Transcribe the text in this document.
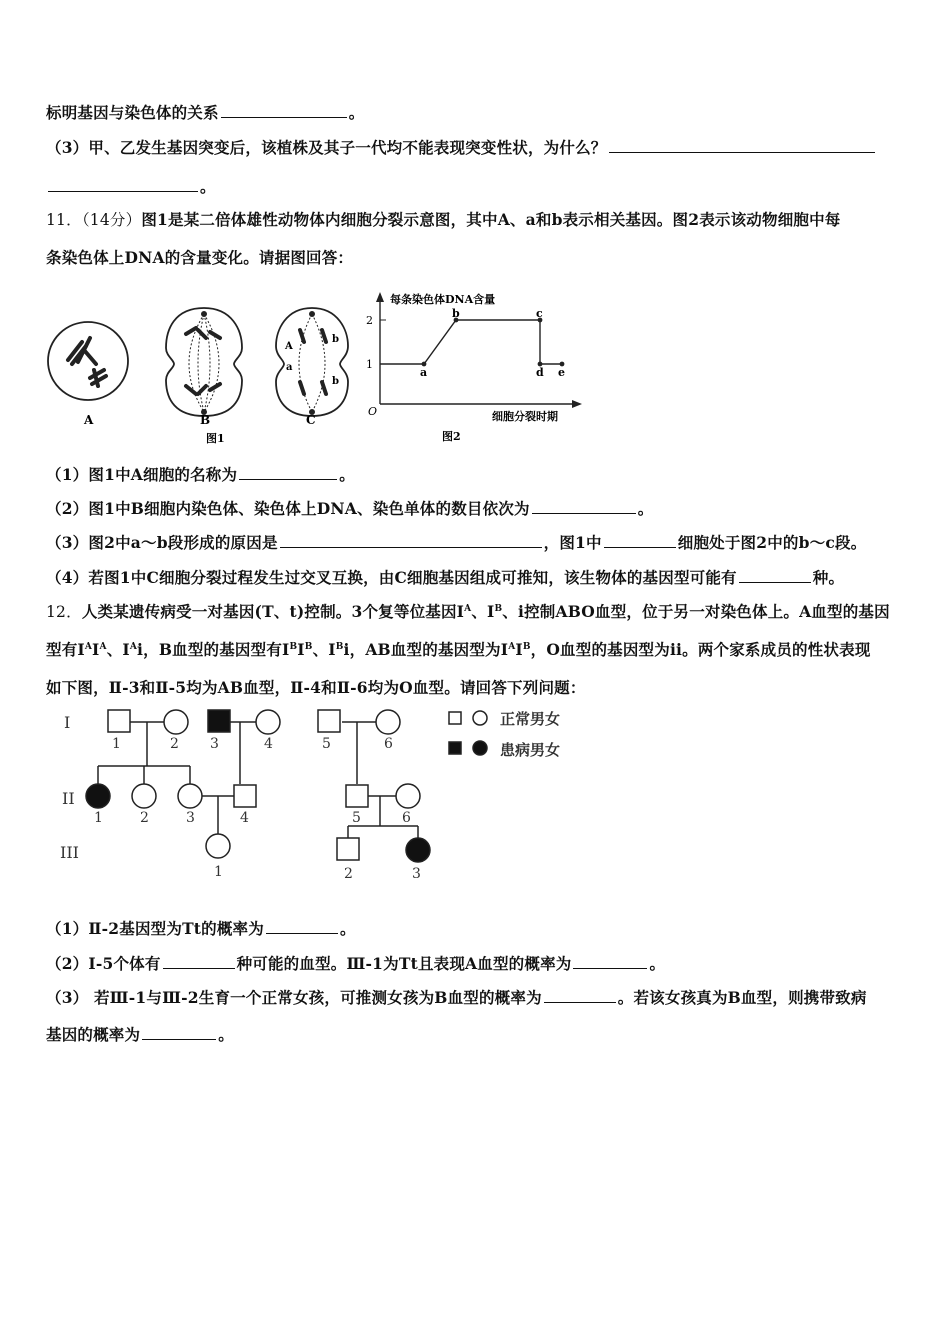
标明基因与染色体的关系	。
（3）甲、乙发生基因突变后，该植株及其子一代均不能表现突变性状，为什么？
。
11．（14分）图1是某二倍体雄性动物体内细胞分裂示意图，其中A、a和b表示相关基因。图2表示该动物细胞中每
条染色体上DNA的含量变化。请据图回答：
A	B
图1
A
a
b
b
C
每条染色体DNA含量
细胞分裂时期
O
1
2
a
b	c
d e
图2
（1）图1中A细胞的名称为	。
（2）图1中B细胞内染色体、染色体上DNA、染色单体的数目依次为	。
（3）图2中a～b段形成的原因是	，图1中	细胞处于图2中的b～c段。
（4）若图1中C细胞分裂过程发生过交叉互换，由C细胞基因组成可推知，该生物体的基因型可能有	种。
12．人类某遗传病受一对基因(T、t)控制。3个复等位基因$I^A$、$I^B$、i控制ABO血型，位于另一对染色体上。A血型的基因
型有$I^AI^A$、$I^Ai$，B血型的基因型有$I^BI^B$、$I^Bi$，AB血型的基因型为$I^AI^B$，O血型的基因型为ii。两个家系成员的性状表现
如下图，Ⅱ-3和Ⅱ-5均为AB血型，Ⅱ-4和Ⅱ-6均为O血型。请回答下列问题：
I
II
III
1	2 3	4	5	6
1	2	3	4	5	6
1	2	3
正常男女
患病男女
（1）Ⅱ-2基因型为Tt的概率为	。
（2）Ⅰ-5个体有	种可能的血型。Ⅲ-1为Tt且表现A血型的概率为	。
（3） 若Ⅲ-1与Ⅲ-2生育一个正常女孩，可推测女孩为B血型的概率为	。若该女孩真为B血型，则携带致病
基因的概率为	。
